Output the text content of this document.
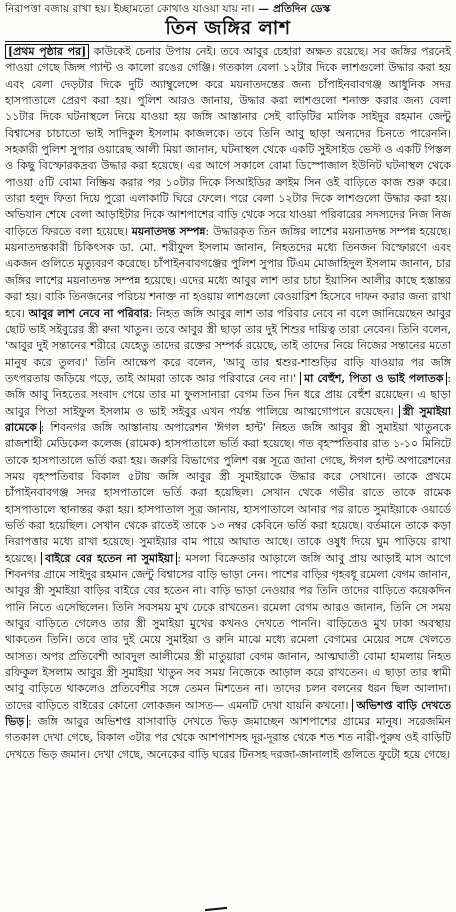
নিরাপত্তা বজায় রাখা হয়। ইচ্ছামতো কোথাও যাওয়া যায় না। — প্রতিদিন ডেস্ক
তিন জঙ্গির লাশ

[প্রথম পৃষ্ঠার পর] কাউকেই চেনার উপায় নেই। তবে আবুর চেহারা অক্ষত রয়েছে। সব জঙ্গির পরনেই পাওয়া গেছে জিন্স প্যান্ট ও কালো রঙের গেঞ্জি। গতকাল বেলা ১২টার দিকে লাশগুলো উদ্ধার করা হয় এবং বেলা দেড়টার দিকে দুটি অ্যাম্বুলেন্সে করে ময়নাতদন্তের জন্য চাঁপাইনবাবগঞ্জ আধুনিক সদর হাসপাতালে প্রেরণ করা হয়। পুলিশ আরও জানায়, উদ্ধার করা লাশগুলো শনাক্ত করার জন্য বেলা ১১টার দিকে ঘটনাস্থলে নিয়ে যাওয়া হয় জঙ্গি আস্তানার সেই বাড়িটির মালিক সাইদুর রহমান জেন্টু বিশ্বাসের চাচাতো ভাই সাদিকুল ইসলাম কাজলকে। তবে তিনি আবু ছাড়া অন্যদের চিনতে পারেননি। সহকারী পুলিশ সুপার ওয়ারেছ আলী মিয়া জানান, ঘটনাস্থল থেকে একটি সুইসাইড ভেস্ট ও একটি পিস্তল ও কিছু বিস্ফোরকদ্রব্য উদ্ধার করা হয়েছে। এর আগে সকালে বোমা ডিস্পোজাল ইউনিট ঘটনাস্থল থেকে পাওয়া ৫টি বোমা নিষ্ক্রিয় করার পর ১০টার দিকে সিআইডির ক্রাইম সিন ওই বাড়িতে কাজ শুরু করে। তারা হলুদ ফিতা দিয়ে পুরো এলাকাটি ঘিরে ফেলে। পরে বেলা ১২টার দিকে লাশগুলো উদ্ধার করা হয়। অভিযান শেষে বেলা আড়াইটার দিকে আশপাশের বাড়ি থেকে সরে যাওয়া পরিবারের সদস্যদের নিজ নিজ বাড়িতে ফিরতে বলা হয়েছে। ময়নাতদন্ত সম্পন্ন: উদ্ধারকৃত তিন জঙ্গির লাশের ময়নাতদন্ত সম্পন্ন হয়েছে। ময়নাতদন্তকারী চিকিৎসক ডা. মো. শরীফুল ইসলাম জানান, নিহতদের মধ্যে তিনজন বিস্ফোরণে এবং একজন গুলিতে মৃত্যুবরণ করেছে। চাঁপাইনবাবগঞ্জের পুলিশ সুপার টিএম মোজাহিদুল ইসলাম জানান, চার জঙ্গির লাশের ময়নাতদন্ত সম্পন্ন হয়েছে। এদের মধ্যে আবুর লাশ তার চাচা ইয়াসিন আলীর কাছে হস্তান্তর করা হয়। বাকি তিনজনের পরিচয় শনাক্ত না হওয়ায় লাশগুলো বেওয়ারিশ হিসেবে দাফন করার জন্য রাখা হবে। আবুর লাশ নেবে না পরিবার: নিহত জঙ্গি আবুর লাশ তার পরিবার নেবে না বলে জানিয়েছেন আবুর ছোট ভাই সইবুরের স্ত্রী রুনা খাতুন। তবে আবুর স্ত্রী ছাড়া তার দুই শিশুর দায়িত্ব তারা নেবেন। তিনি বলেন, 'আবুর দুই সন্তানের শরীরে যেহেতু তাদের রক্তের সম্পর্ক রয়েছে, তাই তাদের নিয়ে নিজের সন্তানের মতো মানুষ করে তুলব।' তিনি আক্ষেপ করে বলেন, 'আবু তার শ্বশুর-শাশুড়ির বাড়ি যাওয়ার পর জঙ্গি তৎপরতায় জড়িয়ে পড়ে, তাই আমরা তাকে আর পরিবারে নেব না।' মা বেহুঁশ, পিতা ও ভাই পলাতক : জঙ্গি আবু নিহতের সংবাদ পেয়ে তার মা ফুলসানারা বেগম তিন দিন ধরে প্রায় বেহুঁশ রয়েছেন। এ ছাড়া আবুর পিতা সাইফুল ইসলাম ও ভাই সইবুর এখন পর্যন্ত পালিয়ে আত্মগোপনে রয়েছেন। স্ত্রী সুমাইয়া রামেকে : শিবনগর জঙ্গি আস্তানায় অপারেশন 'ঈগল হান্ট' নিহত জঙ্গি আবুর স্ত্রী সুমাইয়া খাতুনকে রাজশাহী মেডিকেল কলেজ (রামেক) হাসপাতালে ভর্তি করা হয়েছে। গত বৃহস্পতিবার রাত ১-১০ মিনিটে তাকে হাসপাতালে ভর্তি করা হয়। জরুরি বিভাগের পুলিশ বক্স সূত্রে জানা গেছে, ঈগল হান্ট অপারেশনের সময় বৃহস্পতিবার বিকাল ৫টায় জঙ্গি আবুর স্ত্রী সুমাইয়াকে উদ্ধার করে সেখানে। তাকে প্রথমে চাঁপাইনবাবগঞ্জ সদর হাসপাতালে ভর্তি করা হয়েছিল। সেখান থেকে গভীর রাতে তাকে রামেক হাসপাতালে স্থানান্তর করা হয়। হাসপাতাল সূত্র জানায়, হাসপাতালে আনার পর রাতে সুমাইয়াকে ওয়ার্ডে ভর্তি করা হয়েছিল। সেখান থেকে রাতেই তাকে ১৩ নম্বর কেবিনে ভর্তি করা হয়েছে। বর্তমানে তাকে কড়া নিরাপত্তার মধ্যে রাখা হয়েছে। সুমাইয়ার বাম পায়ে আঘাত আছে। তাকে ওষুধ দিয়ে ঘুম পাড়িয়ে রাখা হয়েছে। বাইরে বের হতেন না সুমাইয়া : মসলা বিক্রেতার আড়ালে জঙ্গি আবু প্রায় আড়াই মাস আগে শিবনগর গ্রামে সাইদুর রহমান জেন্টু বিশ্বাসের বাড়ি ভাড়া নেন। পাশের বাড়ির গৃহবধূ রমেলা বেগম জানান, আবুর স্ত্রী সুমাইয়া বাড়ির বাইরে বের হতেন না। বাড়ি ভাড়া নেওয়ার পর তিনি তাদের বাড়িতে কয়েকদিন পানি নিতে এসেছিলেন। তিনি সবসময় মুখ ঢেকে রাখতেন। রমেলা বেগম আরও জানান, তিনি সে সময় আবুর বাড়িতে গেলেও তার স্ত্রী সুমাইয়া মুখের কখনও দেখতে পাননি। বাড়িতেও মুখ ঢাকা অবস্থায় থাকতেন তিনি। তবে তার দুই মেয়ে সুমাইয়া ও রুনি মাঝে মধ্যে রমেলা বেগমের মেয়ের সঙ্গে খেলতে আসত। অপর প্রতিবেশী আবদুল আলীমের স্ত্রী মাতুয়ারা বেগম জানান, আত্মঘাতী বোমা হামলায় নিহত রফিকুল ইসলাম আবুর স্ত্রী সুমাইয়া খাতুন সব সময় নিজেকে আড়াল করে রাখতেন। এ ছাড়া তার স্বামী আবু বাড়িতে থাকলেও প্রতিবেশীর সঙ্গে তেমন মিশতেন না। তাদের চলন বলনের ধরন ছিল আলাদা। তাদের বাড়িতে বাইরের কোনো লোকজন আসত— এমনটি দেখা যায়নি কখনো। অভিশপ্ত বাড়ি দেখতে ভিড় : জঙ্গি আবুর অভিশপ্ত বাসাবাড়ি দেখতে ভিড় জমাচ্ছেন আশপাশের গ্রামের মানুষ। সরেজমিন গতকাল দেখা গেছে, বিকাল ৩টার পর থেকে আশপাশসহ দূর-দূরান্ত থেকে শত শত নারী-পুরুষ ওই বাড়িটি দেখতে ভিড় জমান। দেখা গেছে, অনেকের বাড়ি ঘরের টিনসহ দরজা-জানালাই গুলিতে ফুটো হয়ে গেছে।
